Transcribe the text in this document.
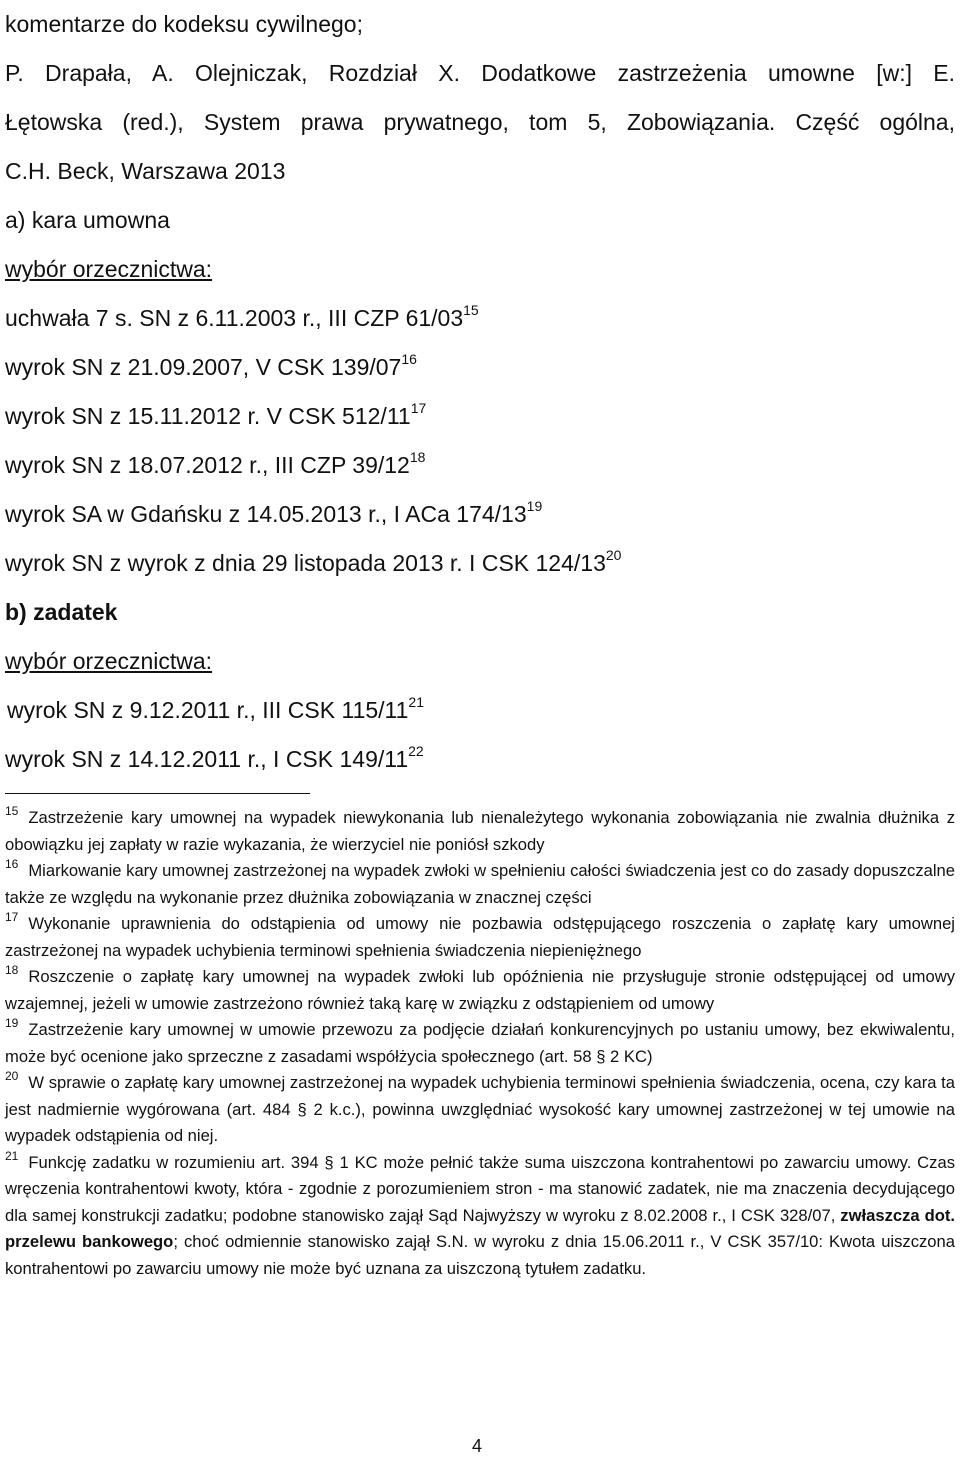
komentarze do kodeksu cywilnego;

P. Drapała, A. Olejniczak, Rozdział X. Dodatkowe zastrzeżenia umowne [w:] E.

Łętowska (red.), System prawa prywatnego, tom 5, Zobowiązania. Część ogólna,

C.H. Beck, Warszawa 2013

a) kara umowna

wybór orzecznictwa:

uchwała 7 s. SN z 6.11.2003 r., III CZP $61/03^{15}$

wyrok SN z 21.09.2007, V CSK $139/07^{16}$

wyrok SN z 15.11.2012 r. V CSK $512/11^{17}$

wyrok SN z 18.07.2012 r., III CZP $39/12^{18}$

wyrok SA w Gdańsku z 14.05.2013 r., I ACa $174/13^{19}$

wyrok SN z wyrok z dnia 29 listopada 2013 r. I CSK $124/13^{20}$

b) zadatek

wybór orzecznictwa:

wyrok SN z 9.12.2011 r., III CSK $115/11^{21}$

wyrok SN z 14.12.2011 r., I CSK $149/11^{22}$

$^{15}$ Zastrzeżenie kary umownej na wypadek niewykonania lub nienależytego wykonania zobowiązania nie zwalnia dłużnika z obowiązku jej zapłaty w razie wykazania, że wierzyciel nie poniósł szkody

$^{16}$ Miarkowanie kary umownej zastrzeżonej na wypadek zwłoki w spełnieniu całości świadczenia jest co do zasady dopuszczalne także ze względu na wykonanie przez dłużnika zobowiązania w znacznej części

$^{17}$ Wykonanie uprawnienia do odstąpienia od umowy nie pozbawia odstępującego roszczenia o zapłatę kary umownej zastrzeżonej na wypadek uchybienia terminowi spełnienia świadczenia niepieniężnego

$^{18}$ Roszczenie o zapłatę kary umownej na wypadek zwłoki lub opóźnienia nie przysługuje stronie odstępującej od umowy wzajemnej, jeżeli w umowie zastrzeżono również taką karę w związku z odstąpieniem od umowy

$^{19}$ Zastrzeżenie kary umownej w umowie przewozu za podjęcie działań konkurencyjnych po ustaniu umowy, bez ekwiwalentu, może być ocenione jako sprzeczne z zasadami współżycia społecznego (art. 58 § 2 KC)

$^{20}$ W sprawie o zapłatę kary umownej zastrzeżonej na wypadek uchybienia terminowi spełnienia świadczenia, ocena, czy kara ta jest nadmiernie wygórowana (art. 484 § 2 k.c.), powinna uwzględniać wysokość kary umownej zastrzeżonej w tej umowie na wypadek odstąpienia od niej.

$^{21}$ Funkcję zadatku w rozumieniu art. 394 § 1 KC może pełnić także suma uiszczona kontrahentowi po zawarciu umowy. Czas wręczenia kontrahentowi kwoty, która - zgodnie z porozumieniem stron - ma stanowić zadatek, nie ma znaczenia decydującego dla samej konstrukcji zadatku; podobne stanowisko zajął Sąd Najwyższy w wyroku z 8.02.2008 r., I CSK 328/07, zwłaszcza dot. przelewu bankowego; choć odmiennie stanowisko zajął S.N. w wyroku z dnia 15.06.2011 r., V CSK 357/10: Kwota uiszczona kontrahentowi po zawarciu umowy nie może być uznana za uiszczoną tytułem zadatku.

4
